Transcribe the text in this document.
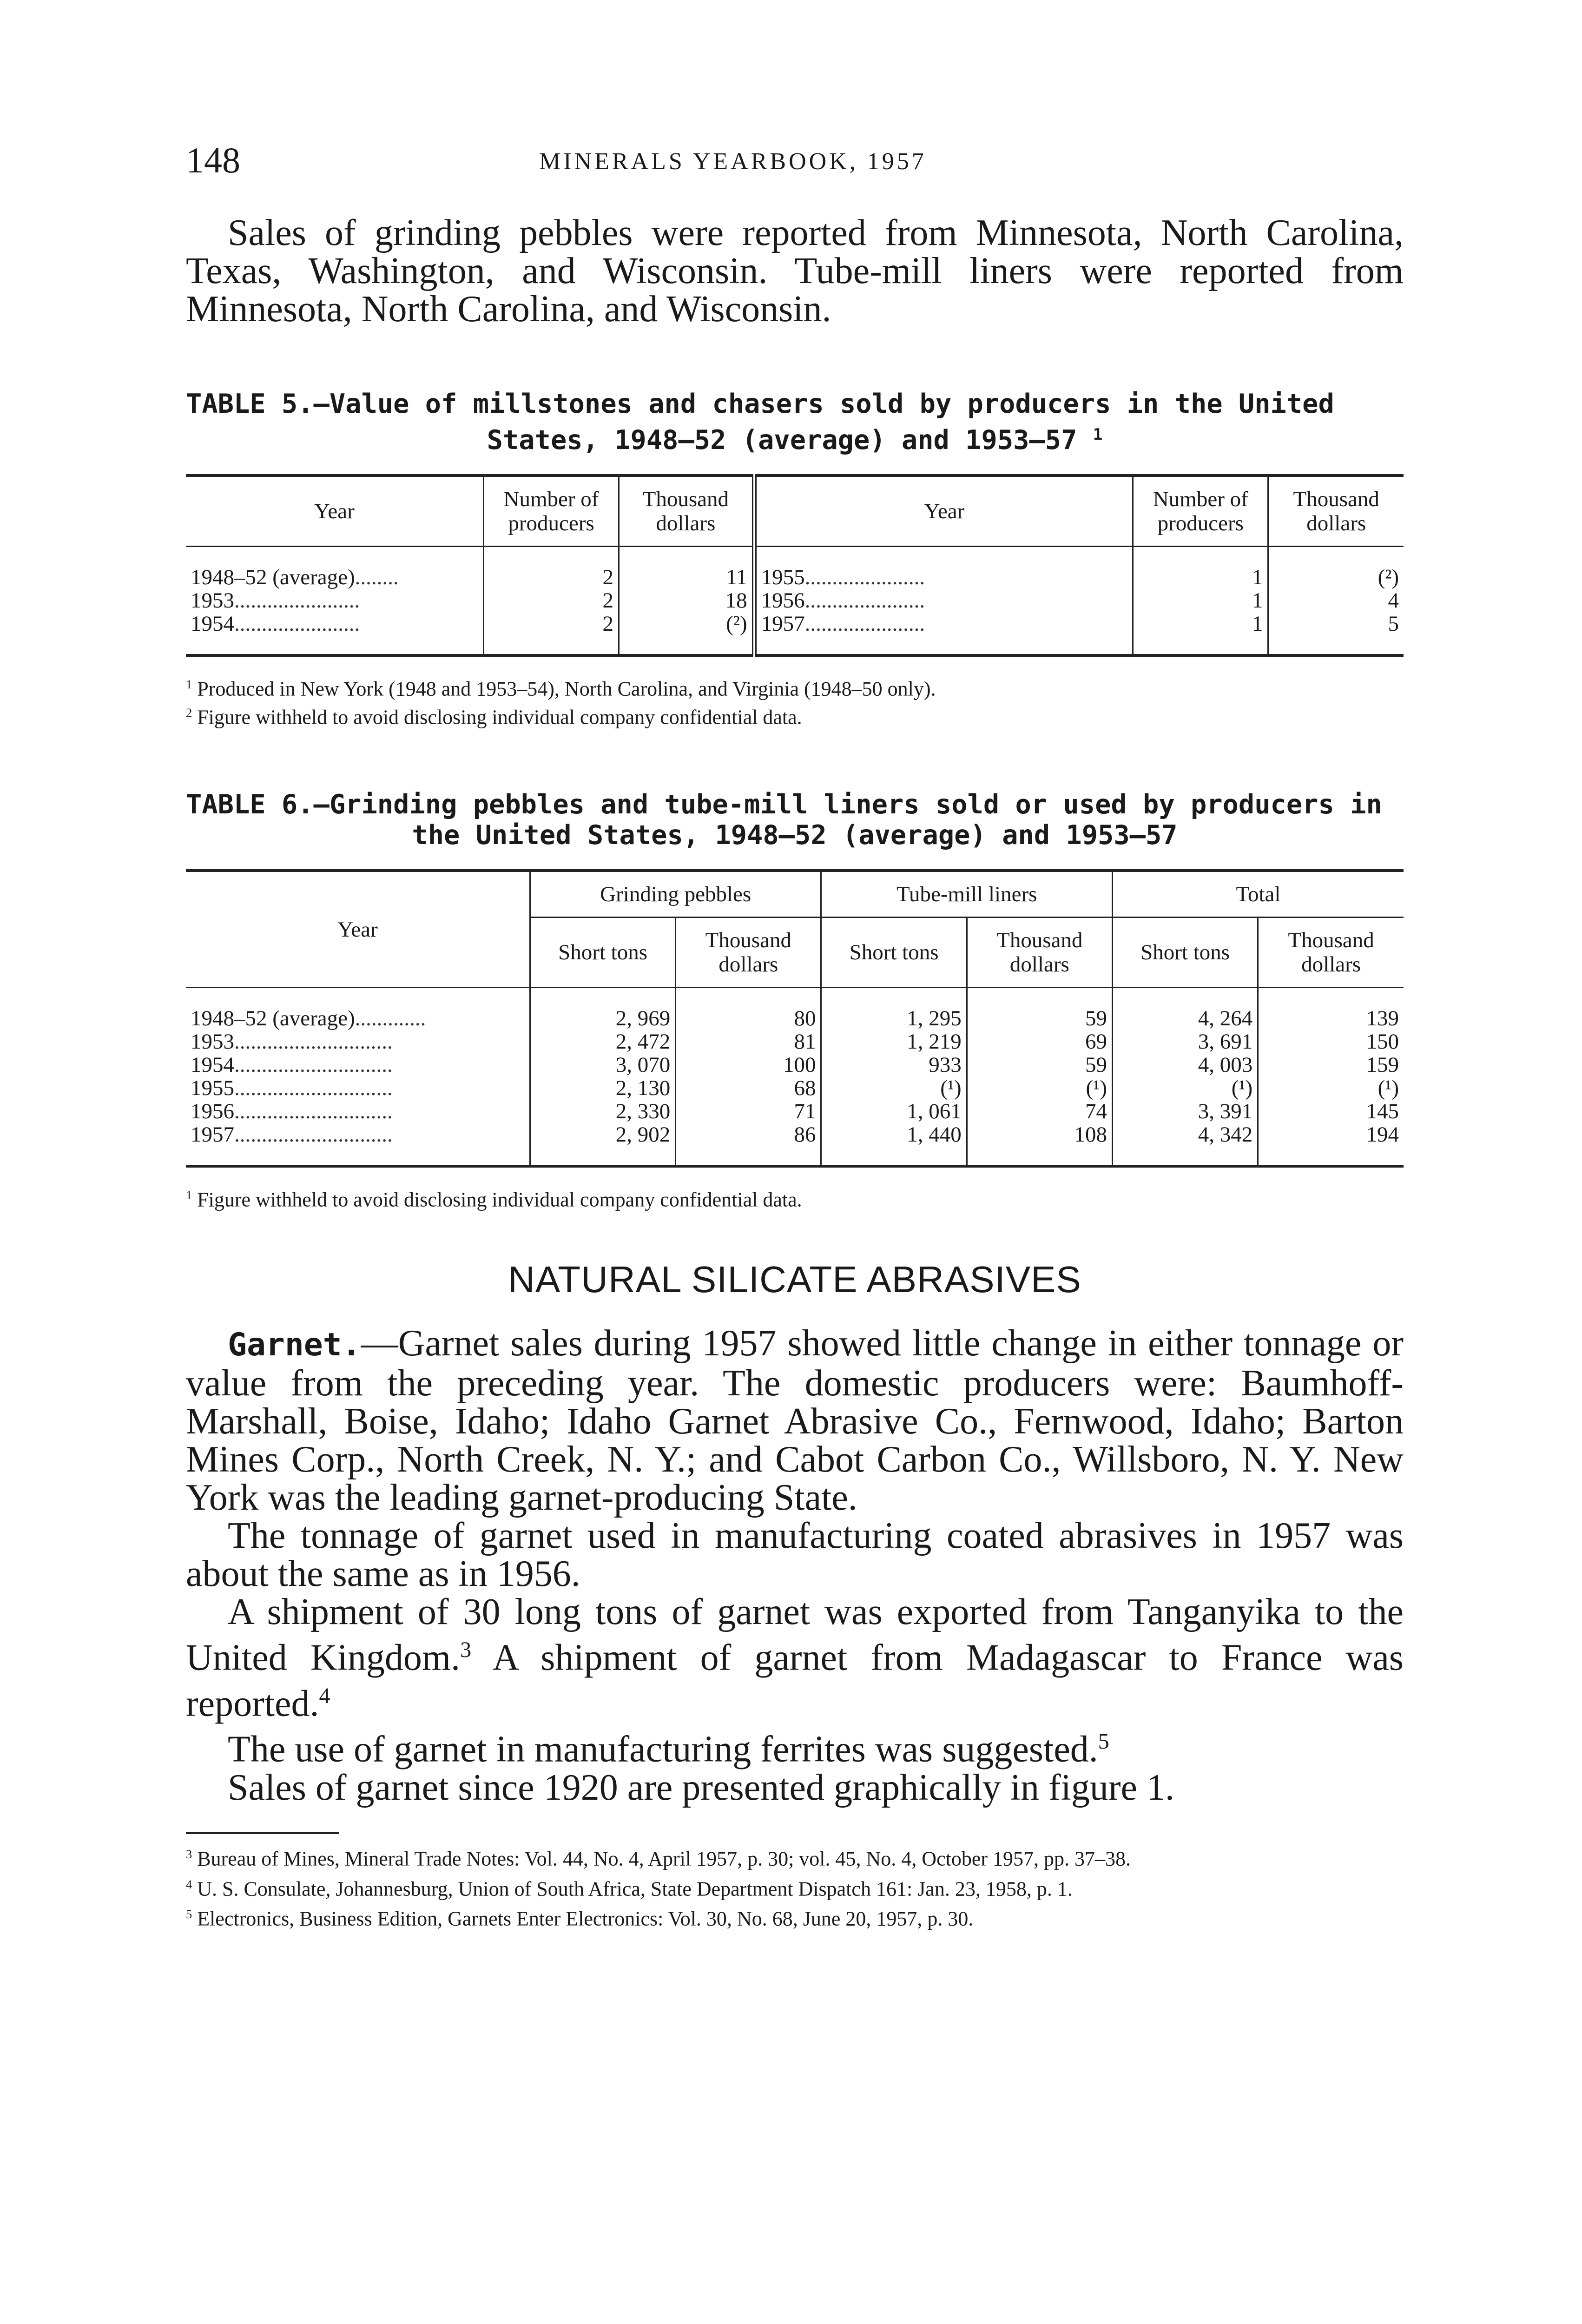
148	MINERALS YEARBOOK, 1957

Sales of grinding pebbles were reported from Minnesota, North Carolina, Texas, Washington, and Wisconsin. Tube-mill liners were reported from Minnesota, North Carolina, and Wisconsin.

TABLE 5.—Value of millstones and chasers sold by producers in the United
States, 1948–52 (average) and 1953–57 $^1$
Year	Number of producers	Thousand dollars	Year	Number of producers	Thousand dollars
1948–52 (average)........	2	11	1955......................	1	(²)
1953.......................	2	18	1956......................	1	4
1954.......................	2	(²)	1957......................	1	5
$^1$ Produced in New York (1948 and 1953–54), North Carolina, and Virginia (1948–50 only).
$^2$ Figure withheld to avoid disclosing individual company confidential data.
TABLE 6.—Grinding pebbles and tube-mill liners sold or used by producers in
the United States, 1948–52 (average) and 1953–57
Year	Grinding pebbles		Tube-mill liners		Total	
	Short tons	Thousand dollars	Short tons	Thousand dollars	Short tons	Thousand dollars
1948–52 (average).............	2, 969	80	1, 295	59	4, 264	139
1953.............................	2, 472	81	1, 219	69	3, 691	150
1954.............................	3, 070	100	933	59	4, 003	159
1955.............................	2, 130	68	(¹)	(¹)	(¹)	(¹)
1956.............................	2, 330	71	1, 061	74	3, 391	145
1957.............................	2, 902	86	1, 440	108	4, 342	194
$^1$ Figure withheld to avoid disclosing individual company confidential data.
NATURAL SILICATE ABRASIVES

Garnet.—Garnet sales during 1957 showed little change in either tonnage or value from the preceding year. The domestic producers were: Baumhoff-Marshall, Boise, Idaho; Idaho Garnet Abrasive Co., Fernwood, Idaho; Barton Mines Corp., North Creek, N. Y.; and Cabot Carbon Co., Willsboro, N. Y. New York was the leading garnet-producing State.

The tonnage of garnet used in manufacturing coated abrasives in 1957 was about the same as in 1956.

A shipment of 30 long tons of garnet was exported from Tanganyika to the United Kingdom.$^3$ A shipment of garnet from Madagascar to France was reported.$^4$

The use of garnet in manufacturing ferrites was suggested.$^5$

Sales of garnet since 1920 are presented graphically in figure 1.

$^3$ Bureau of Mines, Mineral Trade Notes: Vol. 44, No. 4, April 1957, p. 30; vol. 45, No. 4, October 1957, pp. 37–38.
$^4$ U. S. Consulate, Johannesburg, Union of South Africa, State Department Dispatch 161: Jan. 23, 1958, p. 1.
$^5$ Electronics, Business Edition, Garnets Enter Electronics: Vol. 30, No. 68, June 20, 1957, p. 30.
